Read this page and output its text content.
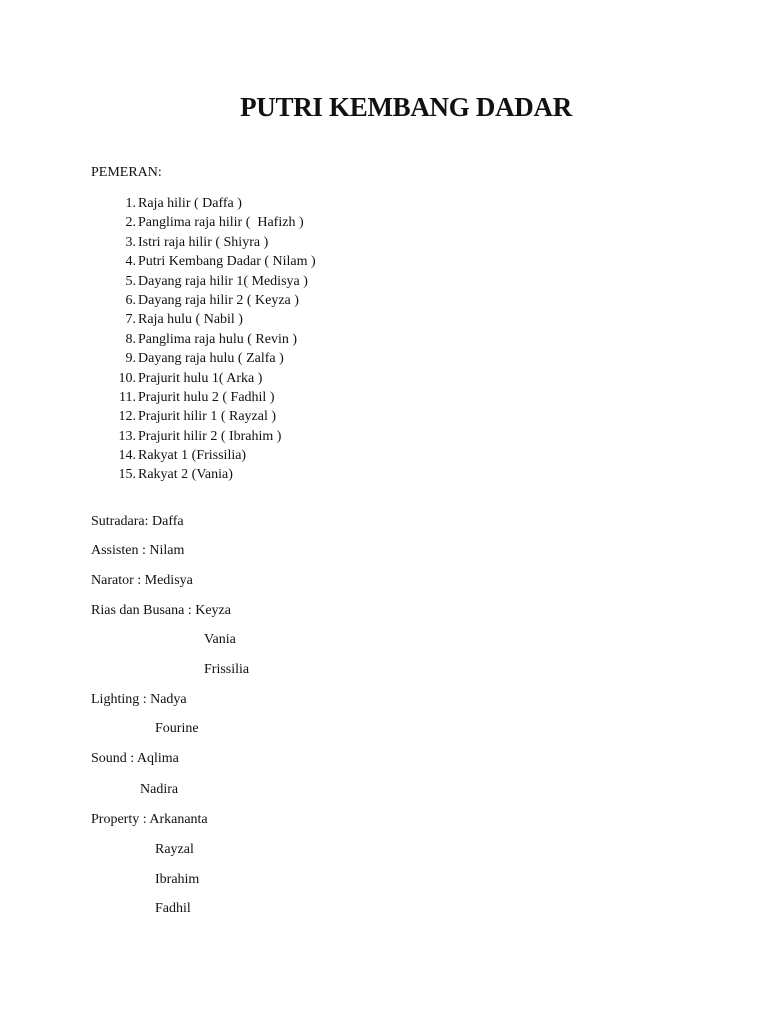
PUTRI KEMBANG DADAR
PEMERAN:
1. Raja hilir ( Daffa )
2. Panglima raja hilir (  Hafizh )
3. Istri raja hilir ( Shiyra )
4. Putri Kembang Dadar ( Nilam )
5. Dayang raja hilir 1( Medisya )
6. Dayang raja hilir 2 ( Keyza )
7. Raja hulu ( Nabil )
8. Panglima raja hulu ( Revin )
9. Dayang raja hulu ( Zalfa )
10. Prajurit hulu 1( Arka )
11. Prajurit hulu 2 ( Fadhil )
12. Prajurit hilir 1 ( Rayzal )
13. Prajurit hilir 2 ( Ibrahim )
14. Rakyat 1 (Frissilia)
15. Rakyat 2 (Vania)
Sutradara: Daffa
Assisten : Nilam
Narator : Medisya
Rias dan Busana : Keyza
Vania
Frissilia
Lighting : Nadya
Fourine
Sound : Aqlima
Nadira
Property : Arkananta
Rayzal
Ibrahim
Fadhil
